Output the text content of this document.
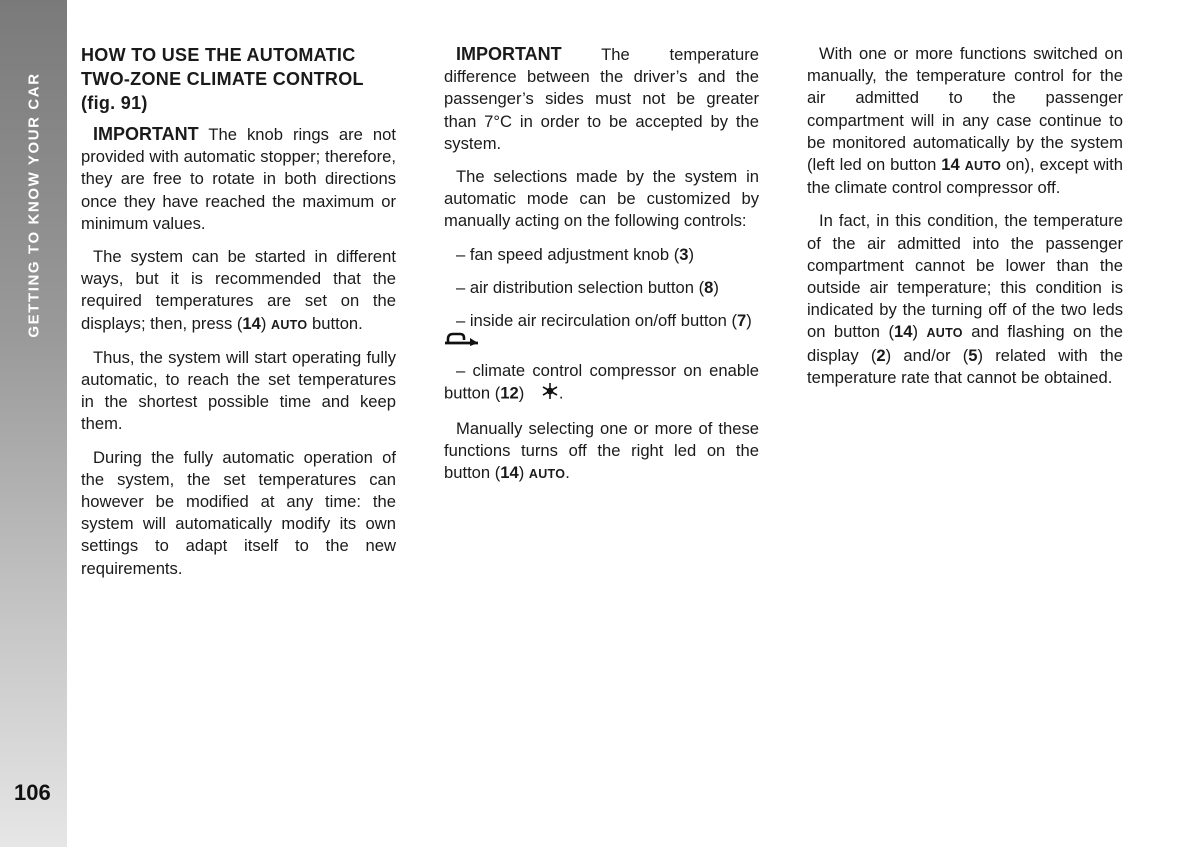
GETTING TO KNOW YOUR CAR
106
HOW TO USE THE AUTOMATIC
TWO-ZONE CLIMATE CONTROL
(fig. 91)

IMPORTANT The knob rings are not provided with automatic stopper; therefore, they are free to rotate in both directions once they have reached the maximum or minimum values.

The system can be started in different ways, but it is recommended that the required temperatures are set on the displays; then, press (14) AUTO button.

Thus, the system will start operating fully automatic, to reach the set temperatures in the shortest possible time and keep them.

During the fully automatic operation of the system, the set temperatures can however be modified at any time: the system will automatically modify its own settings to adapt itself to the new requirements.

IMPORTANT The temperature difference between the driver’s and the passenger’s sides must not be greater than 7°C in order to be accepted by the system.

The selections made by the system in automatic mode can be customized by manually acting on the following controls:

– fan speed adjustment knob (3)

– air distribution selection button (8)

– inside air recirculation on/off button (7)

– climate control compressor on enable button (12) .

Manually selecting one or more of these functions turns off the right led on the button (14) AUTO.

With one or more functions switched on manually, the temperature control for the air admitted to the passenger compartment will in any case continue to be monitored automatically by the system (left led on button 14 AUTO on), except with the climate control compressor off.

In fact, in this condition, the temperature of the air admitted into the passenger compartment cannot be lower than the outside air temperature; this condition is indicated by the turning off of the two leds on button (14) AUTO and flashing on the display (2) and/or (5) related with the temperature rate that cannot be obtained.
